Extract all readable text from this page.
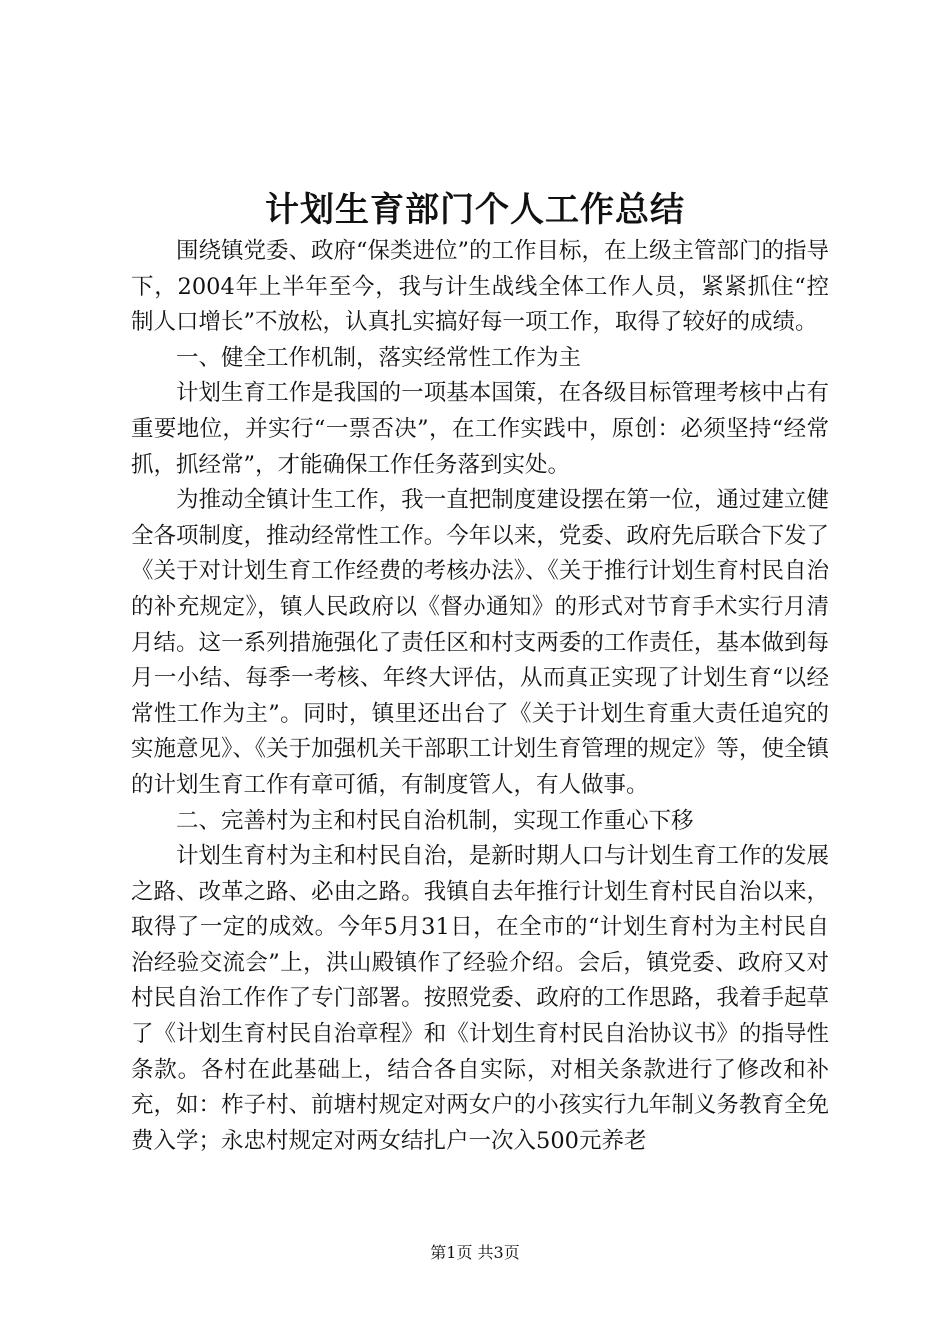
计划生育部门个人工作总结

围绕镇党委、政府“保类进位”的工作目标，在上级主管部门的指导下，2004年上半年至今，我与计生战线全体工作人员，紧紧抓住“控制人口增长”不放松，认真扎实搞好每一项工作，取得了较好的成绩。

一、健全工作机制，落实经常性工作为主

计划生育工作是我国的一项基本国策，在各级目标管理考核中占有重要地位，并实行“一票否决”，在工作实践中，原创：必须坚持“经常抓，抓经常”，才能确保工作任务落到实处。

为推动全镇计生工作，我一直把制度建设摆在第一位，通过建立健全各项制度，推动经常性工作。今年以来，党委、政府先后联合下发了《关于对计划生育工作经费的考核办法》、《关于推行计划生育村民自治的补充规定》，镇人民政府以《督办通知》的形式对节育手术实行月清月结。这一系列措施强化了责任区和村支两委的工作责任，基本做到每月一小结、每季一考核、年终大评估，从而真正实现了计划生育“以经常性工作为主”。同时，镇里还出台了《关于计划生育重大责任追究的实施意见》、《关于加强机关干部职工计划生育管理的规定》等，使全镇的计划生育工作有章可循，有制度管人，有人做事。

二、完善村为主和村民自治机制，实现工作重心下移

计划生育村为主和村民自治，是新时期人口与计划生育工作的发展之路、改革之路、必由之路。我镇自去年推行计划生育村民自治以来，取得了一定的成效。今年5月31日，在全市的“计划生育村为主村民自治经验交流会”上，洪山殿镇作了经验介绍。会后，镇党委、政府又对村民自治工作作了专门部署。按照党委、政府的工作思路，我着手起草了《计划生育村民自治章程》和《计划生育村民自治协议书》的指导性条款。各村在此基础上，结合各自实际，对相关条款进行了修改和补充，如：柞子村、前塘村规定对两女户的小孩实行九年制义务教育全免费入学；永忠村规定对两女结扎户一次入500元养老

第1页 共3页
